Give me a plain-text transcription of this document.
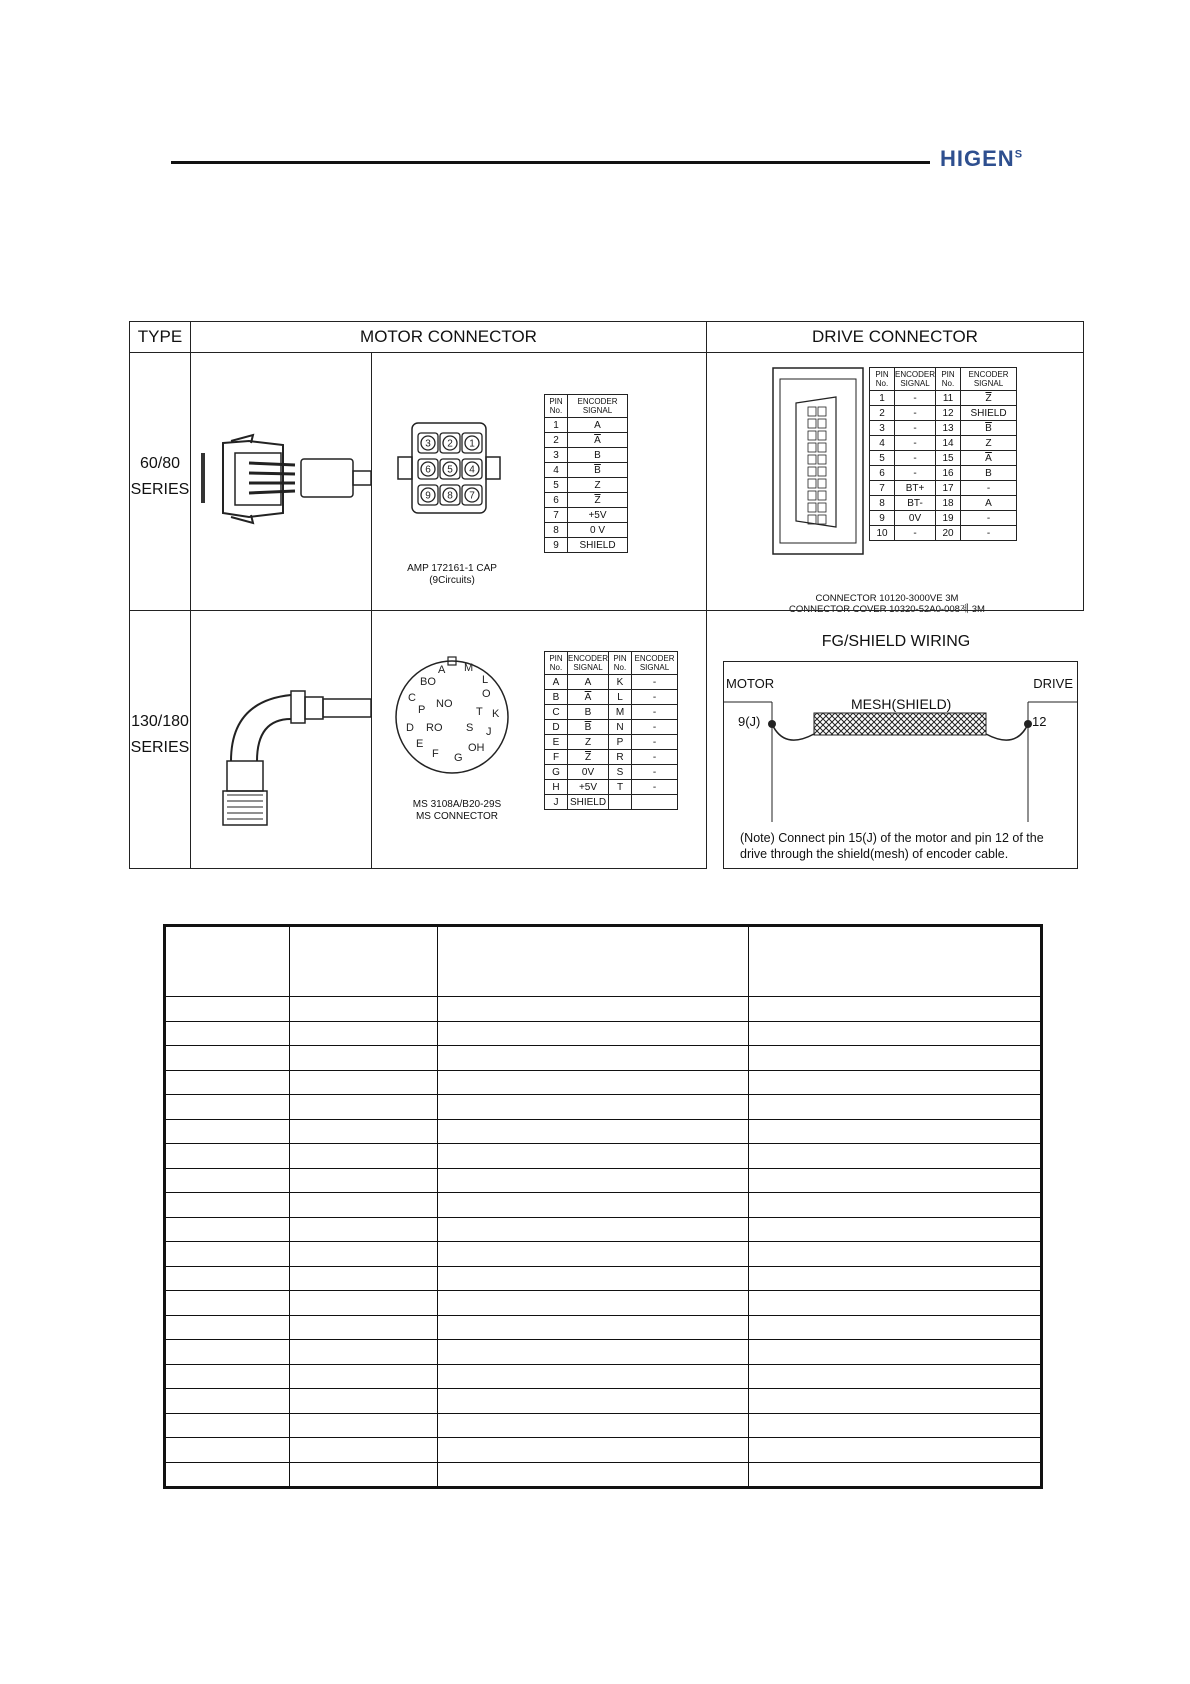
$HIGEN^S$
TYPE	MOTOR CONNECTOR	DRIVE CONNECTOR
60/80
SERIES
3 2 1
6 5 4
9 8 7
AMP 172161-1 CAP
(9Circuits)
PIN No.	ENCODER SIGNAL
1	A
2	$\overline{A}$
3	B
4	$\overline{B}$
5	Z
6	$\overline{Z}$
7	+5V
8	0 V
9	SHIELD
PIN No.	ENCODER SIGNAL	PIN No.	ENCODER SIGNAL
1	-	11	$\overline{Z}$
2	-	12	SHIELD
3	-	13	$\overline{B}$
4	-	14	Z
5	-	15	$\overline{A}$
6	-	16	B
7	BT+	17	-
8	BT-	18	A
9	0V	19	-
10	-	20	-
CONNECTOR 10120-3000VE 3M
CONNECTOR COVER 10320-52A0-008제 3M
130/180
SERIES
A M
BO	L
C	O
P NO
T K
D RO S J
E
F G
OH
MS 3108A/B20-29S
MS CONNECTOR
PIN No.	ENCODER SIGNAL	PIN No.	ENCODER SIGNAL
A	A	K	-
B	$\overline{A}$	L	-
C	B	M	-
D	$\overline{B}$	N	-
E	Z	P	-
F	$\overline{Z}$	R	-
G	0V	S	-
H	+5V	T	-
J	SHIELD		
FG/SHIELD WIRING
MOTOR	DRIVE
MESH(SHIELD)
9(J)	12
(Note) Connect pin 15(J) of the motor and pin 12 of the
drive through the shield(mesh) of encoder cable.
